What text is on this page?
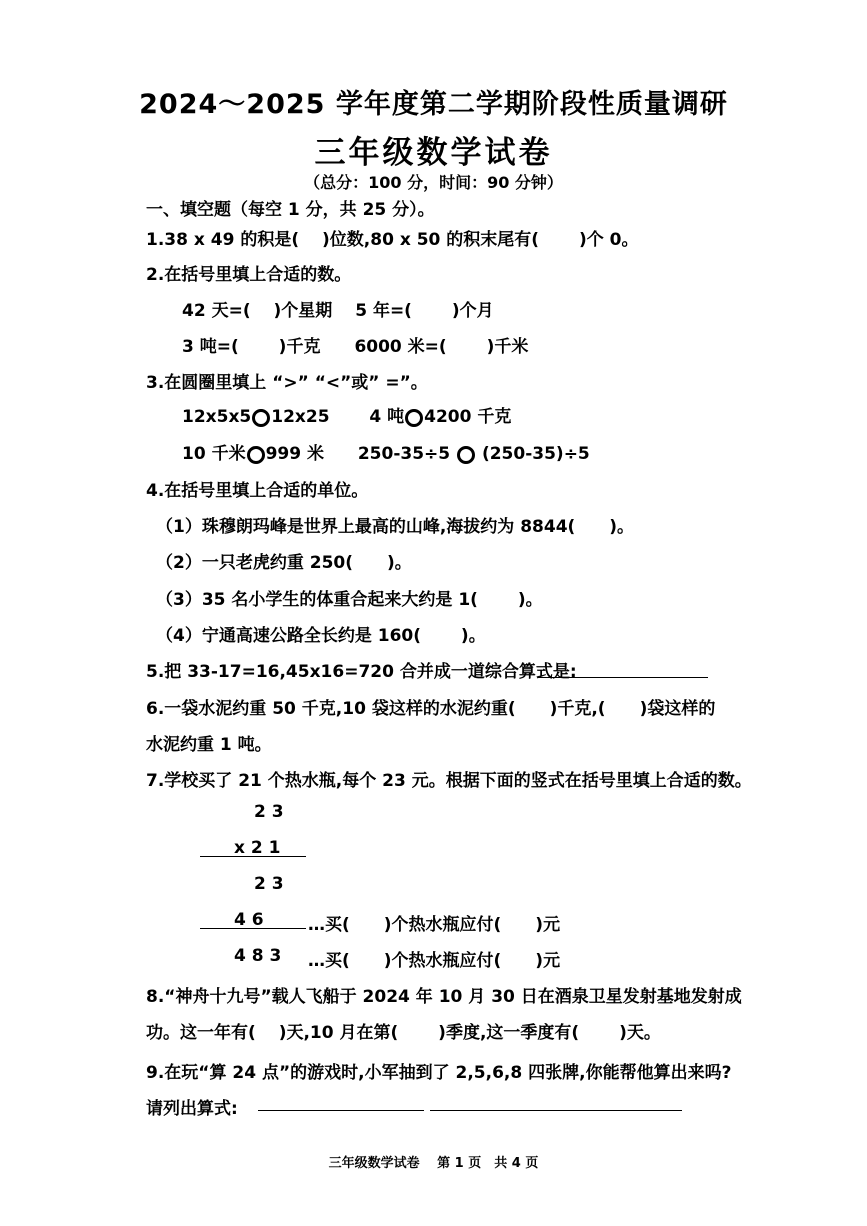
2024～2025 学年度第二学期阶段性质量调研
三年级数学试卷
（总分：100 分，时间：90 分钟）
一、填空题（每空 1 分，共 25 分）。
1.38 x 49 的积是(　 )位数,80 x 50 的积末尾有(　 　)个 0。
2.在括号里填上合适的数。
42 天=(　 )个星期　 5 年=(　 　)个月
3 吨=(　 　)千克　　6000 米=(　 　)千米
3.在圆圈里填上 “>” “<”或” =”。
12x5x5 12x25 4 吨 4200 千克
10 千米 999 米 250-35÷5 (250-35)÷5
4.在括号里填上合适的单位。
（1）珠穆朗玛峰是世界上最高的山峰,海拔约为 8844(　　)。
（2）一只老虎约重 250(　　)。
（3）35 名小学生的体重合起来大约是 1(　 　)。
（4）宁通高速公路全长约是 160(　 　)。
5.把 33-17=16,45x16=720 合并成一道综合算式是:
6.一袋水泥约重 50 千克,10 袋这样的水泥约重(　　)千克,(　　)袋这样的
水泥约重 1 吨。
7.学校买了 21 个热水瓶,每个 23 元。根据下面的竖式在括号里填上合适的数。
2 3
x 2 1
2 3
4 6	…买(　　)个热水瓶应付(　　)元
4 8 3 …买(　　)个热水瓶应付(　　)元
8.“神舟十九号”载人飞船于 2024 年 10 月 30 日在酒泉卫星发射基地发射成
功。这一年有(　 )天,10 月在第(　　 )季度,这一季度有(　　 )天。
9.在玩“算 24 点”的游戏时,小军抽到了 2,5,6,8 四张牌,你能帮他算出来吗?
请列出算式:
三年级数学试卷　 第 1 页　共 4 页
